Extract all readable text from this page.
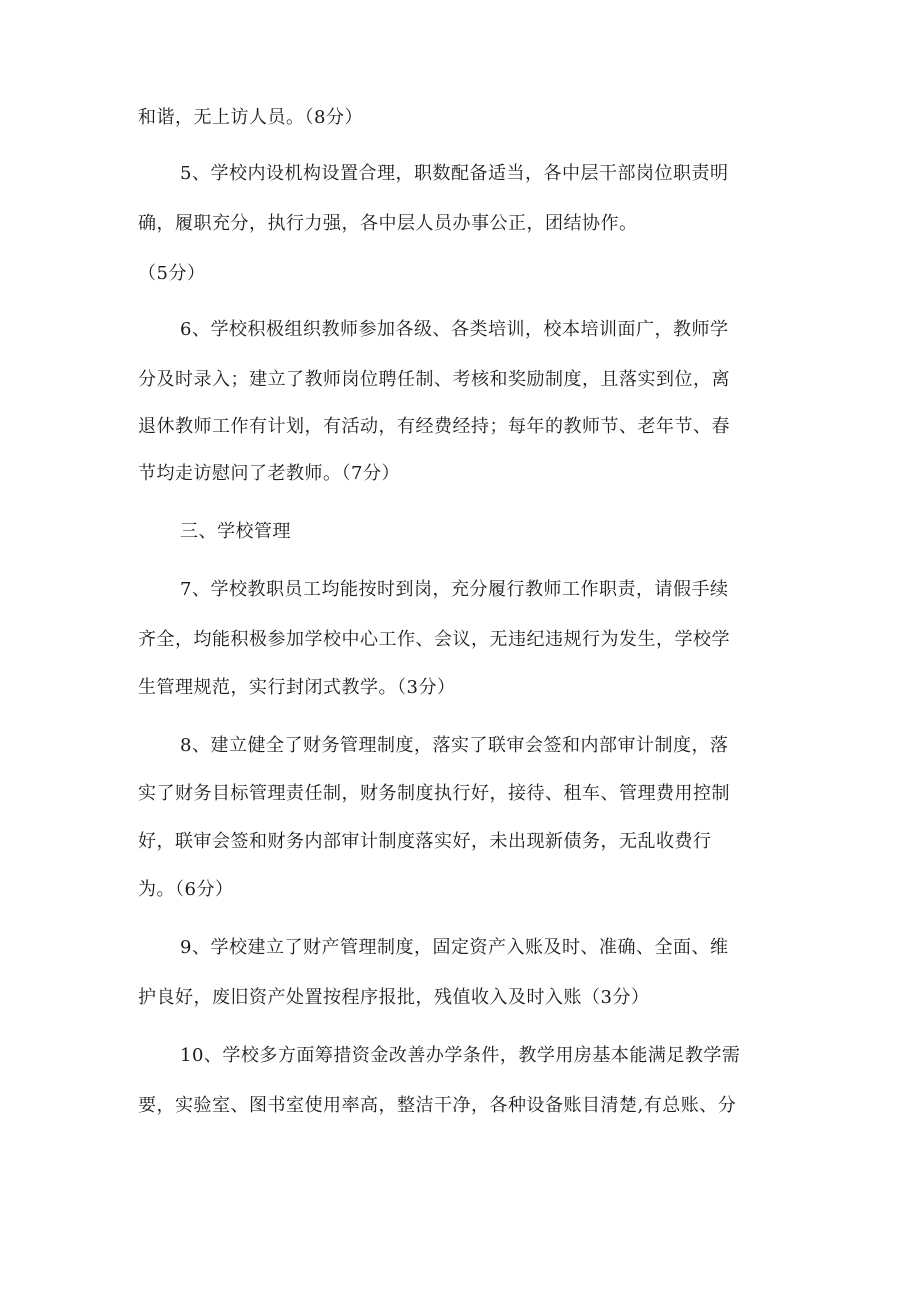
和谐，无上访人员。（8分）
5、学校内设机构设置合理，职数配备适当，各中层干部岗位职责明
确，履职充分，执行力强，各中层人员办事公正，团结协作。
（5分）
6、学校积极组织教师参加各级、各类培训，校本培训面广，教师学
分及时录入；建立了教师岗位聘任制、考核和奖励制度，且落实到位，离
退休教师工作有计划，有活动，有经费经持；每年的教师节、老年节、春
节均走访慰问了老教师。（7分）
三、学校管理
7、学校教职员工均能按时到岗，充分履行教师工作职责，请假手续
齐全，均能积极参加学校中心工作、会议，无违纪违规行为发生，学校学
生管理规范，实行封闭式教学。（3分）
8、建立健全了财务管理制度，落实了联审会签和内部审计制度，落
实了财务目标管理责任制，财务制度执行好，接待、租车、管理费用控制
好，联审会签和财务内部审计制度落实好，未出现新债务，无乱收费行
为。（6分）
9、学校建立了财产管理制度，固定资产入账及时、准确、全面、维
护良好，废旧资产处置按程序报批，残值收入及时入账（3分）
10、学校多方面筹措资金改善办学条件，教学用房基本能满足教学需
要，实验室、图书室使用率高，整洁干净，各种设备账目清楚,有总账、分
